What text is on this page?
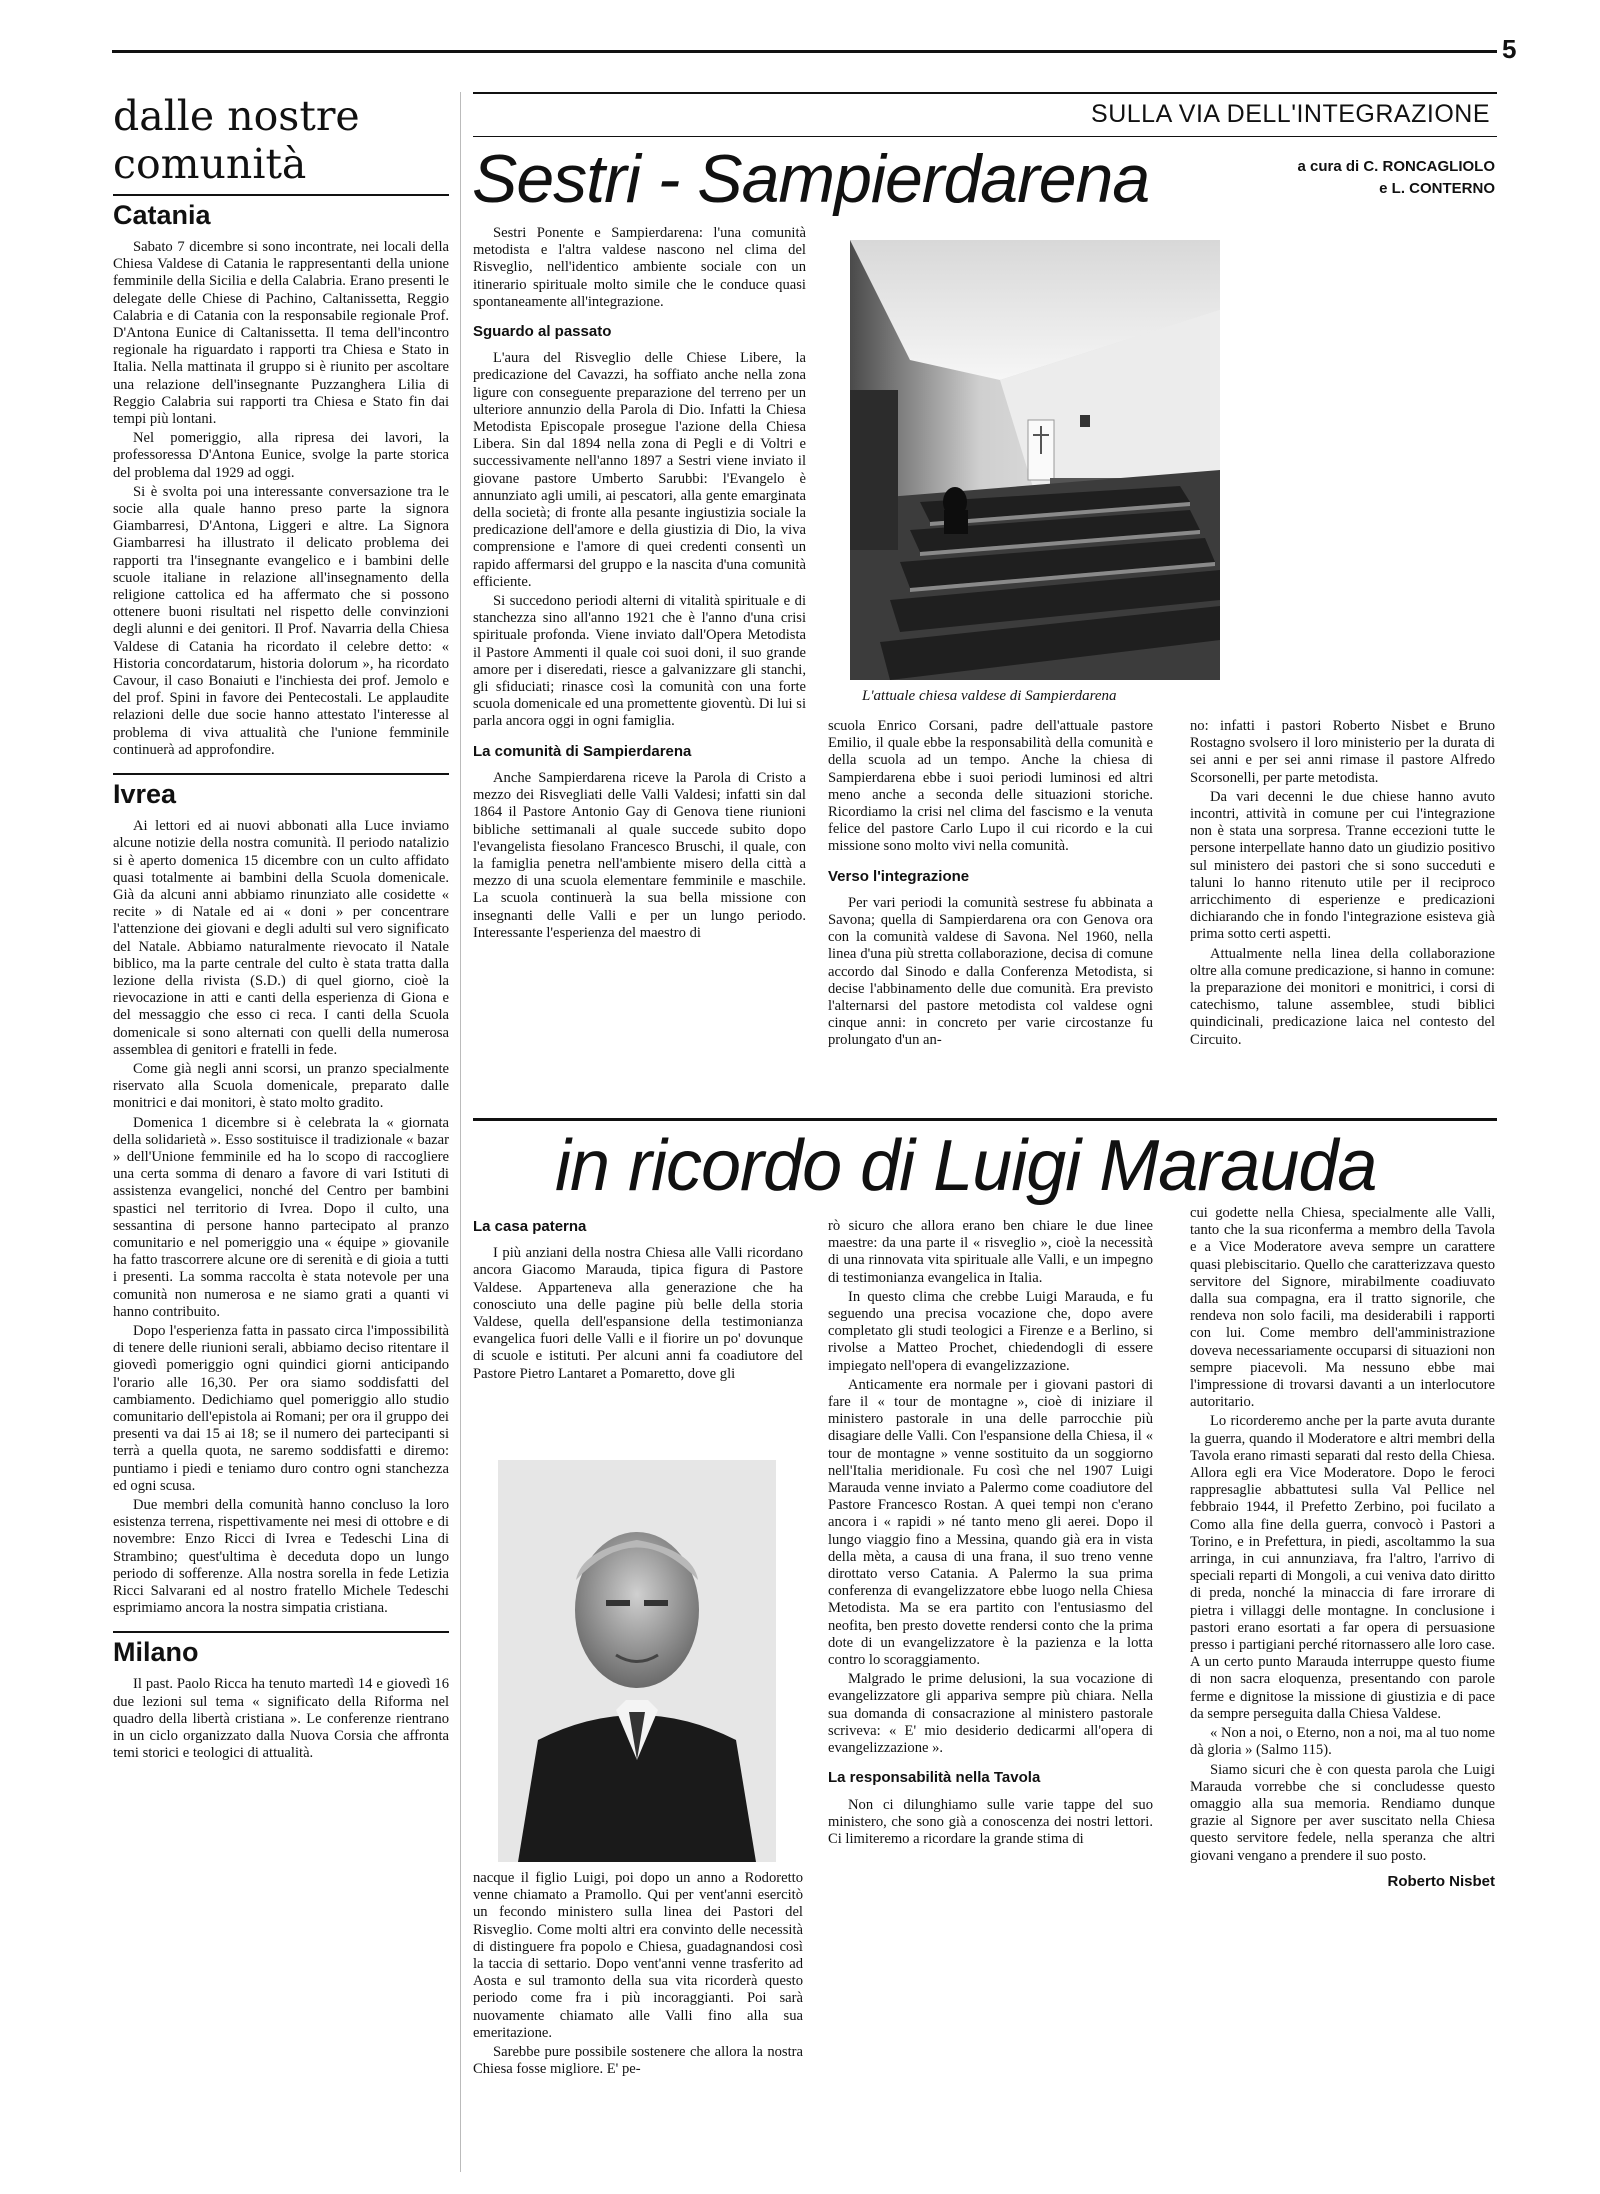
5
dalle nostre
comunità
Catania

Sabato 7 dicembre si sono incontrate, nei locali della Chiesa Valdese di Catania le rappresentanti della unione femminile della Sicilia e della Calabria. Erano presenti le delegate delle Chiese di Pachino, Caltanissetta, Reggio Calabria e di Catania con la responsabile regionale Prof. D'Antona Eunice di Caltanissetta. Il tema dell'incontro regionale ha riguardato i rapporti tra Chiesa e Stato in Italia. Nella mattinata il gruppo si è riunito per ascoltare una relazione dell'insegnante Puzzanghera Lilia di Reggio Calabria sui rapporti tra Chiesa e Stato fin dai tempi più lontani.

Nel pomeriggio, alla ripresa dei lavori, la professoressa D'Antona Eunice, svolge la parte storica del problema dal 1929 ad oggi.

Si è svolta poi una interessante conversazione tra le socie alla quale hanno preso parte la signora Giambarresi, D'Antona, Liggeri e altre. La Signora Giambarresi ha illustrato il delicato problema dei rapporti tra l'insegnante evangelico e i bambini delle scuole italiane in relazione all'insegnamento della religione cattolica ed ha affermato che si possono ottenere buoni risultati nel rispetto delle convinzioni degli alunni e dei genitori. Il Prof. Navarria della Chiesa Valdese di Catania ha ricordato il celebre detto: « Historia concordatarum, historia dolorum », ha ricordato Cavour, il caso Bonaiuti e l'inchiesta dei prof. Jemolo e del prof. Spini in favore dei Pentecostali. Le applaudite relazioni delle due socie hanno attestato l'interesse al problema di viva attualità che l'unione femminile continuerà ad approfondire.

Ivrea

Ai lettori ed ai nuovi abbonati alla Luce inviamo alcune notizie della nostra comunità. Il periodo natalizio si è aperto domenica 15 dicembre con un culto affidato quasi totalmente ai bambini della Scuola domenicale. Già da alcuni anni abbiamo rinunziato alle cosidette « recite » di Natale ed ai « doni » per concentrare l'attenzione dei giovani e degli adulti sul vero significato del Natale. Abbiamo naturalmente rievocato il Natale biblico, ma la parte centrale del culto è stata tratta dalla lezione della rivista (S.D.) di quel giorno, cioè la rievocazione in atti e canti della esperienza di Giona e del messaggio che esso ci reca. I canti della Scuola domenicale si sono alternati con quelli della numerosa assemblea di genitori e fratelli in fede.

Come già negli anni scorsi, un pranzo specialmente riservato alla Scuola domenicale, preparato dalle monitrici e dai monitori, è stato molto gradito.

Domenica 1 dicembre si è celebrata la « giornata della solidarietà ». Esso sostituisce il tradizionale « bazar » dell'Unione femminile ed ha lo scopo di raccogliere una certa somma di denaro a favore di vari Istituti di assistenza evangelici, nonché del Centro per bambini spastici nel territorio di Ivrea. Dopo il culto, una sessantina di persone hanno partecipato al pranzo comunitario e nel pomeriggio una « équipe » giovanile ha fatto trascorrere alcune ore di serenità e di gioia a tutti i presenti. La somma raccolta è stata notevole per una comunità non numerosa e ne siamo grati a quanti vi hanno contribuito.

Dopo l'esperienza fatta in passato circa l'impossibilità di tenere delle riunioni serali, abbiamo deciso ritentare il giovedì pomeriggio ogni quindici giorni anticipando l'orario alle 16,30. Per ora siamo soddisfatti del cambiamento. Dedichiamo quel pomeriggio allo studio comunitario dell'epistola ai Romani; per ora il gruppo dei presenti va dai 15 ai 18; se il numero dei partecipanti si terrà a quella quota, ne saremo soddisfatti e diremo: puntiamo i piedi e teniamo duro contro ogni stanchezza ed ogni scusa.

Due membri della comunità hanno concluso la loro esistenza terrena, rispettivamente nei mesi di ottobre e di novembre: Enzo Ricci di Ivrea e Tedeschi Lina di Strambino; quest'ultima è deceduta dopo un lungo periodo di sofferenze. Alla nostra sorella in fede Letizia Ricci Salvarani ed al nostro fratello Michele Tedeschi esprimiamo ancora la nostra simpatia cristiana.

Milano

Il past. Paolo Ricca ha tenuto martedì 14 e giovedì 16 due lezioni sul tema « significato della Riforma nel quadro della libertà cristiana ». Le conferenze rientrano in un ciclo organizzato dalla Nuova Corsia che affronta temi storici e teologici di attualità.

SULLA VIA DELL'INTEGRAZIONE
Sestri - Sampierdarena	a cura di C. RONCAGLIOLO
e L. CONTERNO

Sestri Ponente e Sampierdarena: l'una comunità metodista e l'altra valdese nascono nel clima del Risveglio, nell'identico ambiente sociale con un itinerario spirituale molto simile che le conduce quasi spontaneamente all'integrazione.

Sguardo al passato

L'aura del Risveglio delle Chiese Libere, la predicazione del Cavazzi, ha soffiato anche nella zona ligure con conseguente preparazione del terreno per un ulteriore annunzio della Parola di Dio. Infatti la Chiesa Metodista Episcopale prosegue l'azione della Chiesa Libera. Sin dal 1894 nella zona di Pegli e di Voltri e successivamente nell'anno 1897 a Sestri viene inviato il giovane pastore Umberto Sarubbi: l'Evangelo è annunziato agli umili, ai pescatori, alla gente emarginata della società; di fronte alla pesante ingiustizia sociale la predicazione dell'amore e della giustizia di Dio, la viva comprensione e l'amore di quei credenti consentì un rapido affermarsi del gruppo e la nascita d'una comunità efficiente.

Si succedono periodi alterni di vitalità spirituale e di stanchezza sino all'anno 1921 che è l'anno d'una crisi spirituale profonda. Viene inviato dall'Opera Metodista il Pastore Ammenti il quale coi suoi doni, il suo grande amore per i diseredati, riesce a galvanizzare gli stanchi, gli sfiduciati; rinasce così la comunità con una forte scuola domenicale ed una promettente gioventù. Di lui si parla ancora oggi in ogni famiglia.

La comunità di Sampierdarena

Anche Sampierdarena riceve la Parola di Cristo a mezzo dei Risvegliati delle Valli Valdesi; infatti sin dal 1864 il Pastore Antonio Gay di Genova tiene riunioni bibliche settimanali al quale succede subito dopo l'evangelista fiesolano Francesco Bruschi, il quale, con la famiglia penetra nell'ambiente misero della città a mezzo di una scuola elementare femminile e maschile. La scuola continuerà la sua bella missione con insegnanti delle Valli e per un lungo periodo. Interessante l'esperienza del maestro di

L'attuale chiesa valdese di Sampierdarena

scuola Enrico Corsani, padre dell'attuale pastore Emilio, il quale ebbe la responsabilità della comunità e della scuola ad un tempo. Anche la chiesa di Sampierdarena ebbe i suoi periodi luminosi ed altri meno anche a seconda delle situazioni storiche. Ricordiamo la crisi nel clima del fascismo e la venuta felice del pastore Carlo Lupo il cui ricordo e la cui missione sono molto vivi nella comunità.

Verso l'integrazione

Per vari periodi la comunità sestrese fu abbinata a Savona; quella di Sampierdarena ora con Genova ora con la comunità valdese di Savona. Nel 1960, nella linea d'una più stretta collaborazione, decisa di comune accordo dal Sinodo e dalla Conferenza Metodista, si decise l'abbinamento delle due comunità. Era previsto l'alternarsi del pastore metodista col valdese ogni cinque anni: in concreto per varie circostanze fu prolungato d'un an-

no: infatti i pastori Roberto Nisbet e Bruno Rostagno svolsero il loro ministerio per la durata di sei anni e per sei anni rimase il pastore Alfredo Scorsonelli, per parte metodista.

Da vari decenni le due chiese hanno avuto incontri, attività in comune per cui l'integrazione non è stata una sorpresa. Tranne eccezioni tutte le persone interpellate hanno dato un giudizio positivo sul ministero dei pastori che si sono succeduti e taluni lo hanno ritenuto utile per il reciproco arricchimento di esperienze e predicazioni dichiarando che in fondo l'integrazione esisteva già prima sotto certi aspetti.

Attualmente nella linea della collaborazione oltre alla comune predicazione, si hanno in comune: la preparazione dei monitori e monitrici, i corsi di catechismo, talune assemblee, studi biblici quindicinali, predicazione laica nel contesto del Circuito.

in ricordo di Luigi Marauda
La casa paterna

I più anziani della nostra Chiesa alle Valli ricordano ancora Giacomo Marauda, tipica figura di Pastore Valdese. Apparteneva alla generazione che ha conosciuto una delle pagine più belle della storia Valdese, quella dell'espansione della testimonianza evangelica fuori delle Valli e il fiorire un po' dovunque di scuole e istituti. Per alcuni anni fa coadiutore del Pastore Pietro Lantaret a Pomaretto, dove gli

nacque il figlio Luigi, poi dopo un anno a Rodoretto venne chiamato a Pramollo. Qui per vent'anni esercitò un fecondo ministero sulla linea dei Pastori del Risveglio. Come molti altri era convinto delle necessità di distinguere fra popolo e Chiesa, guadagnandosi così la taccia di settario. Dopo vent'anni venne trasferito ad Aosta e sul tramonto della sua vita ricorderà questo periodo come fra i più incoraggianti. Poi sarà nuovamente chiamato alle Valli fino alla sua emeritazione.

Sarebbe pure possibile sostenere che allora la nostra Chiesa fosse migliore. E' pe-

rò sicuro che allora erano ben chiare le due linee maestre: da una parte il « risveglio », cioè la necessità di una rinnovata vita spirituale alle Valli, e un impegno di testimonianza evangelica in Italia.

In questo clima che crebbe Luigi Marauda, e fu seguendo una precisa vocazione che, dopo avere completato gli studi teologici a Firenze e a Berlino, si rivolse a Matteo Prochet, chiedendogli di essere impiegato nell'opera di evangelizzazione.

Anticamente era normale per i giovani pastori di fare il « tour de montagne », cioè di iniziare il ministero pastorale in una delle parrocchie più disagiare delle Valli. Con l'espansione della Chiesa, il « tour de montagne » venne sostituito da un soggiorno nell'Italia meridionale. Fu così che nel 1907 Luigi Marauda venne inviato a Palermo come coadiutore del Pastore Francesco Rostan. A quei tempi non c'erano ancora i « rapidi » né tanto meno gli aerei. Dopo il lungo viaggio fino a Messina, quando già era in vista della mèta, a causa di una frana, il suo treno venne dirottato verso Catania. A Palermo la sua prima conferenza di evangelizzatore ebbe luogo nella Chiesa Metodista. Ma se era partito con l'entusiasmo del neofita, ben presto dovette rendersi conto che la prima dote di un evangelizzatore è la pazienza e la lotta contro lo scoraggiamento.

Malgrado le prime delusioni, la sua vocazione di evangelizzatore gli appariva sempre più chiara. Nella sua domanda di consacrazione al ministero pastorale scriveva: « E' mio desiderio dedicarmi all'opera di evangelizzazione ».

La responsabilità nella Tavola

Non ci dilunghiamo sulle varie tappe del suo ministero, che sono già a conoscenza dei nostri lettori. Ci limiteremo a ricordare la grande stima di

cui godette nella Chiesa, specialmente alle Valli, tanto che la sua riconferma a membro della Tavola e a Vice Moderatore aveva sempre un carattere quasi plebiscitario. Quello che caratterizzava questo servitore del Signore, mirabilmente coadiuvato dalla sua compagna, era il tratto signorile, che rendeva non solo facili, ma desiderabili i rapporti con lui. Come membro dell'amministrazione doveva necessariamente occuparsi di situazioni non sempre piacevoli. Ma nessuno ebbe mai l'impressione di trovarsi davanti a un interlocutore autoritario.

Lo ricorderemo anche per la parte avuta durante la guerra, quando il Moderatore e altri membri della Tavola erano rimasti separati dal resto della Chiesa. Allora egli era Vice Moderatore. Dopo le feroci rappresaglie abbattutesi sulla Val Pellice nel febbraio 1944, il Prefetto Zerbino, poi fucilato a Como alla fine della guerra, convocò i Pastori a Torino, e in Prefettura, in piedi, ascoltammo la sua arringa, in cui annunziava, fra l'altro, l'arrivo di speciali reparti di Mongoli, a cui veniva dato diritto di preda, nonché la minaccia di fare irrorare di pietra i villaggi delle montagne. In conclusione i pastori erano esortati a far opera di persuasione presso i partigiani perché ritornassero alle loro case. A un certo punto Marauda interruppe questo fiume di non sacra eloquenza, presentando con parole ferme e dignitose la missione di giustizia e di pace da sempre perseguita dalla Chiesa Valdese.

« Non a noi, o Eterno, non a noi, ma al tuo nome dà gloria » (Salmo 115).

Siamo sicuri che è con questa parola che Luigi Marauda vorrebbe che si concludesse questo omaggio alla sua memoria. Rendiamo dunque grazie al Signore per aver suscitato nella Chiesa questo servitore fedele, nella speranza che altri giovani vengano a prendere il suo posto.

Roberto Nisbet
